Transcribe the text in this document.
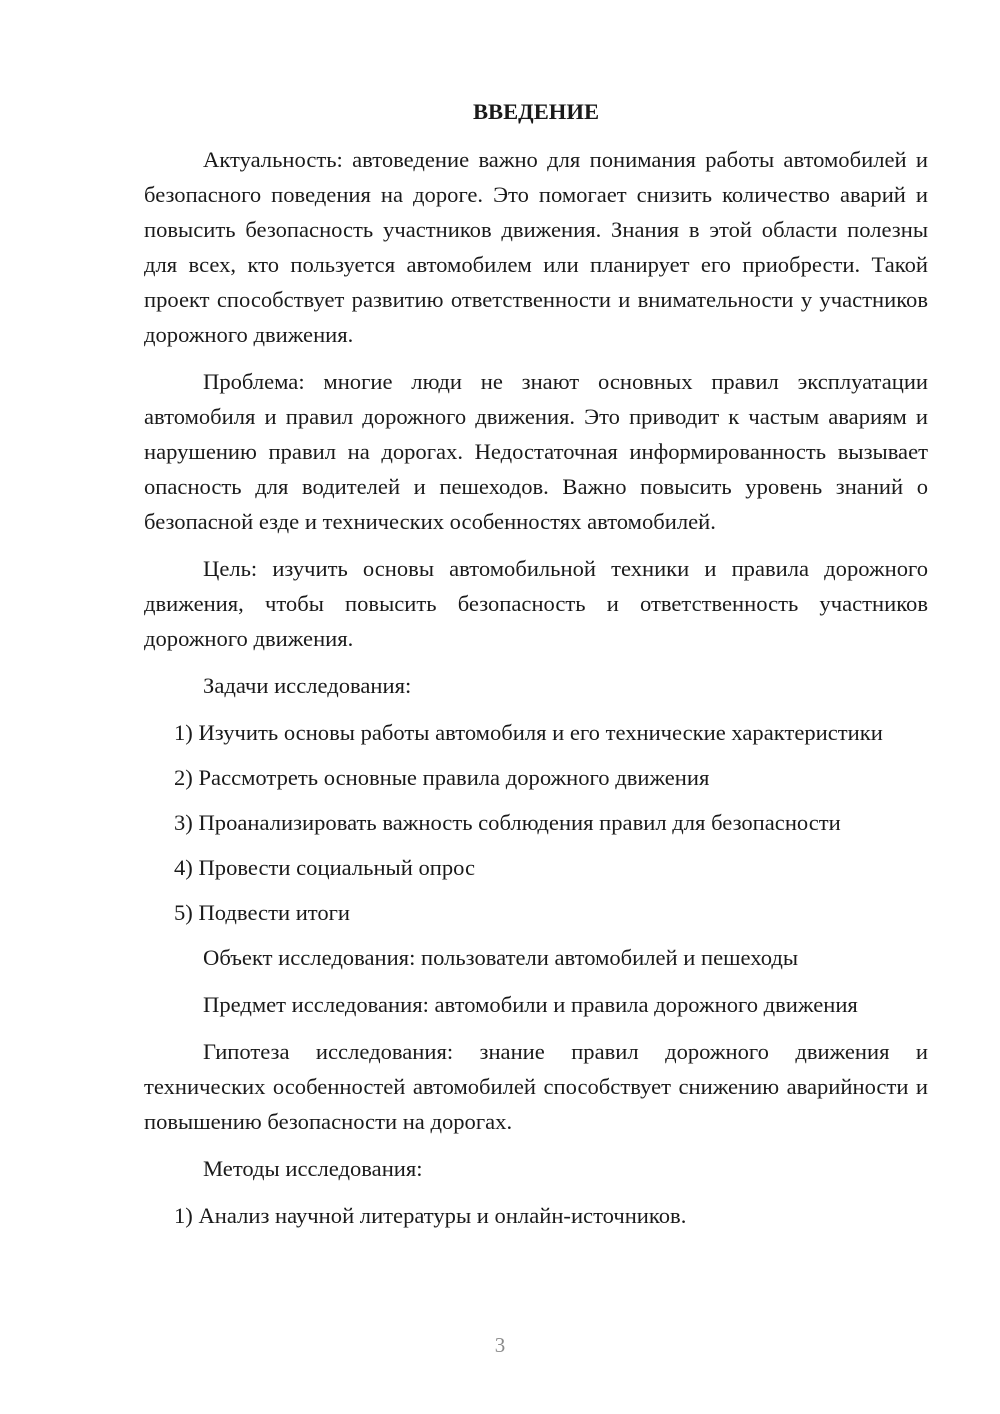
ВВЕДЕНИЕ

Актуальность: автоведение важно для понимания работы автомобилей и безопасного поведения на дороге. Это помогает снизить количество аварий и повысить безопасность участников движения. Знания в этой области полезны для всех, кто пользуется автомобилем или планирует его приобрести. Такой проект способствует развитию ответственности и внимательности у участников дорожного движения.

Проблема: многие люди не знают основных правил эксплуатации автомобиля и правил дорожного движения. Это приводит к частым авариям и нарушению правил на дорогах. Недостаточная информированность вызывает опасность для водителей и пешеходов. Важно повысить уровень знаний о безопасной езде и технических особенностях автомобилей.

Цель: изучить основы автомобильной техники и правила дорожного движения, чтобы повысить безопасность и ответственность участников дорожного движения.

Задачи исследования:

1) Изучить основы работы автомобиля и его технические характеристики

2) Рассмотреть основные правила дорожного движения

3) Проанализировать важность соблюдения правил для безопасности

4) Провести социальный опрос

5) Подвести итоги

Объект исследования: пользователи автомобилей и пешеходы

Предмет исследования: автомобили и правила дорожного движения

Гипотеза исследования: знание правил дорожного движения и технических особенностей автомобилей способствует снижению аварийности и повышению безопасности на дорогах.

Методы исследования:

1) Анализ научной литературы и онлайн-источников.

3
